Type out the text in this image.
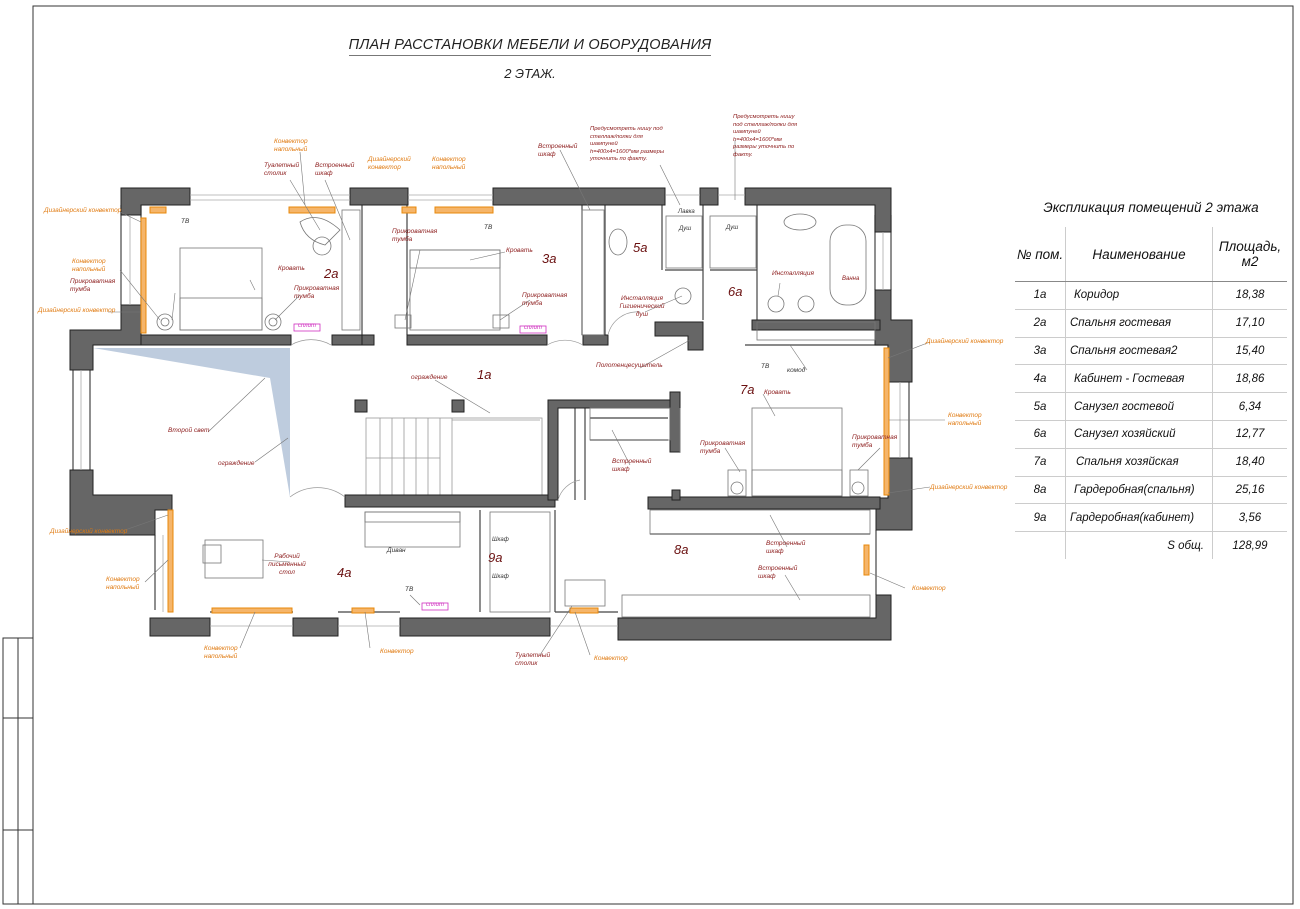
ПЛАН РАССТАНОВКИ МЕБЕЛИ И ОБОРУДОВАНИЯ
2 ЭТАЖ.
1а
2а
3а
4а
5а
6а
7а
8а
9а
Конвектор напольный
Дизайнерский конвектор
Конвектор напольный
Дизайнерский конвектор
Конвектор напольный
Дизайнерский конвектор
Дизайнерский конвектор
Конвектор напольный
Конвектор напольный
Конвектор
Конвектор
Конвектор
Дизайнерский конвектор
Конвектор напольный
Дизайнерский конвектор
Туалетный столик
Встроенный шкаф
Встроенный шкаф
Предусмотреть нишу под стеллаж/полки для шампуней h=400х4=1600*мм размеры уточнить по факту.
Предусмотреть нишу под стеллаж/полки для шампуней h=400х4=1600*мм размеры уточнить по факту.
ТВ
ТВ
ТВ
ТВ
Кровать
Кровать
Кровать
Прикроватная тумба	Прикроватная тумба
Прикроватная тумба
Прикроватная тумба
Прикроватная тумба
Прикроватная тумба
сплит	сплит
сплит
Лавка
Душ	Душ
Ванна
Инсталляция
Инсталляция Гигиенический душ
Полотенцесушитель
ограждение
ограждение
Второй свет
Встроенный шкаф
комод
Рабочий письменный стол
Диван
Шкаф
Шкаф
Встроенный шкаф
Встроенный шкаф
Туалетный столик
Экспликация помещений 2 этажа
№ пом.	Наименование	Площадь, м2
1а	Коридор	18,38
2а	Спальня гостевая	17,10
3а	Спальня гостевая2	15,40
4а	Кабинет - Гостевая	18,86
5а	Санузел гостевой	6,34
6а	Санузел хозяйский	12,77
7а	Спальня хозяйская	18,40
8а	Гардеробная(спальня)	25,16
9а	Гардеробная(кабинет)	3,56
	S общ.	128,99
